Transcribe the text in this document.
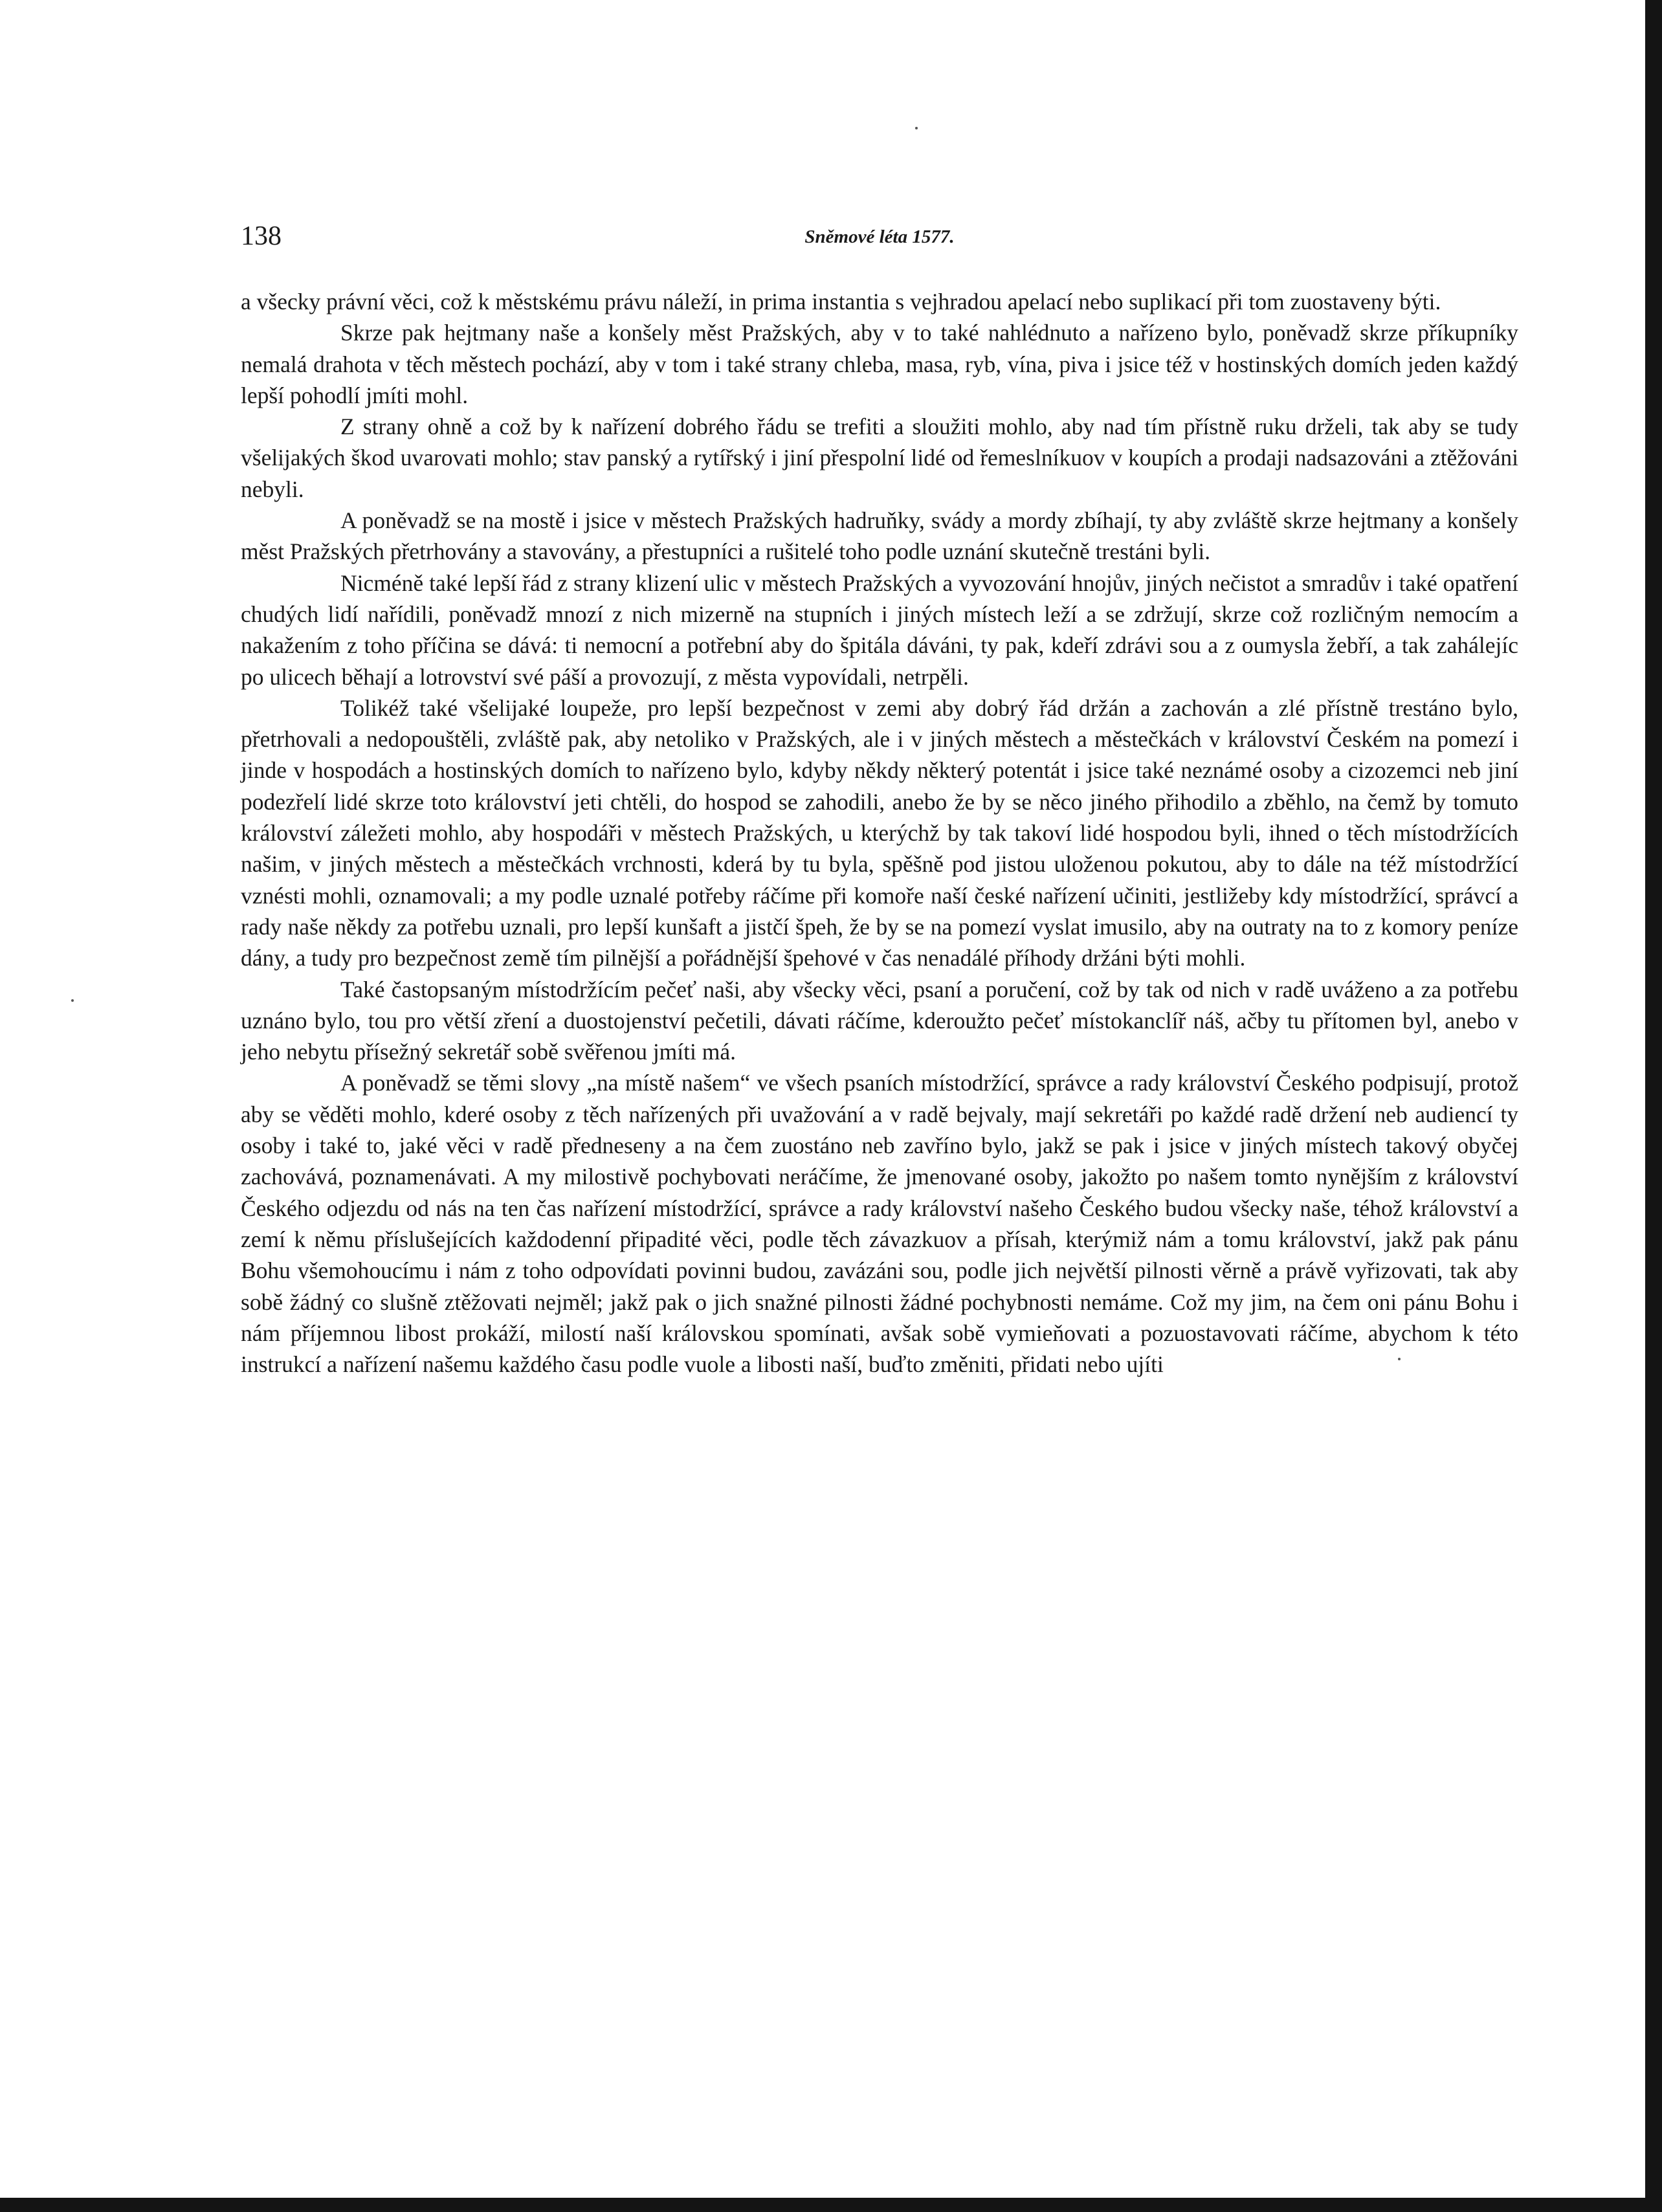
138	Sněmové léta 1577.

a všecky právní věci, což k městskému právu náleží, in prima instantia s vejhradou apelací nebo suplikací při tom zuostaveny býti.

Skrze pak hejtmany naše a konšely měst Pražských, aby v to také nahlédnuto a nařízeno bylo, poněvadž skrze příkupníky nemalá drahota v těch městech pochází, aby v tom i také strany chleba, masa, ryb, vína, piva i jsice též v hostinských domích jeden každý lepší pohodlí jmíti mohl.

Z strany ohně a což by k nařízení dobrého řádu se trefiti a sloužiti mohlo, aby nad tím přístně ruku drželi, tak aby se tudy všelijakých škod uvarovati mohlo; stav panský a rytířský i jiní přespolní lidé od řemeslníkuov v koupích a prodaji nadsazováni a ztěžováni nebyli.

A poněvadž se na mostě i jsice v městech Pražských hadruňky, svády a mordy zbíhají, ty aby zvláště skrze hejtmany a konšely měst Pražských přetrhovány a stavovány, a přestupníci a rušitelé toho podle uznání skutečně trestáni byli.

Nicméně také lepší řád z strany klizení ulic v městech Pražských a vyvozování hnojův, jiných nečistot a smradův i také opatření chudých lidí nařídili, poněvadž mnozí z nich mizerně na stupních i jiných místech leží a se zdržují, skrze což rozličným nemocím a nakažením z toho příčina se dává: ti nemocní a potřební aby do špitála dáváni, ty pak, kdeří zdrávi sou a z oumysla žebří, a tak zahálejíc po ulicech běhají a lotrovství své páší a provozují, z města vypovídali, netrpěli.

Tolikéž také všelijaké loupeže, pro lepší bezpečnost v zemi aby dobrý řád držán a zachován a zlé přístně trestáno bylo, přetrhovali a nedopouštěli, zvláště pak, aby netoliko v Pražských, ale i v jiných městech a městečkách v království Českém na pomezí i jinde v hospodách a hostinských domích to nařízeno bylo, kdyby někdy některý potentát i jsice také neznámé osoby a cizozemci neb jiní podezřelí lidé skrze toto království jeti chtěli, do hospod se zahodili, anebo že by se něco jiného přihodilo a zběhlo, na čemž by tomuto království záležeti mohlo, aby hospodáři v městech Pražských, u kterýchž by tak takoví lidé hospodou byli, ihned o těch místodržících našim, v jiných městech a městečkách vrchnosti, kderá by tu byla, spěšně pod jistou uloženou pokutou, aby to dále na též místodržící vznésti mohli, oznamovali; a my podle uznalé potřeby ráčíme při komoře naší české nařízení učiniti, jestližeby kdy místodržící, správcí a rady naše někdy za potřebu uznali, pro lepší kunšaft a jistčí špeh, že by se na pomezí vyslat imusilo, aby na outraty na to z komory peníze dány, a tudy pro bezpečnost země tím pilnější a pořádnější špehové v čas nenadálé příhody držáni býti mohli.

Také častopsaným místodržícím pečeť naši, aby všecky věci, psaní a poručení, což by tak od nich v radě uváženo a za potřebu uznáno bylo, tou pro větší zření a duostojenství pečetili, dávati ráčíme, kderoužto pečeť místokanclíř náš, ačby tu přítomen byl, anebo v jeho nebytu přísežný sekretář sobě svěřenou jmíti má.

A poněvadž se těmi slovy „na místě našem“ ve všech psaních místodržící, správce a rady království Českého podpisují, protož aby se věděti mohlo, kderé osoby z těch nařízených při uvažování a v radě bejvaly, mají sekretáři po každé radě držení neb audiencí ty osoby i také to, jaké věci v radě předneseny a na čem zuostáno neb zavříno bylo, jakž se pak i jsice v jiných místech takový obyčej zachovává, poznamenávati. A my milostivě pochybovati neráčíme, že jmenované osoby, jakožto po našem tomto nynějším z království Českého odjezdu od nás na ten čas nařízení místodržící, správce a rady království našeho Českého budou všecky naše, téhož království a zemí k němu příslušejících každodenní připadité věci, podle těch závazkuov a přísah, kterýmiž nám a tomu království, jakž pak pánu Bohu všemohoucímu i nám z toho odpovídati povinni budou, zavázáni sou, podle jich největší pilnosti věrně a právě vyřizovati, tak aby sobě žádný co slušně ztěžovati nejměl; jakž pak o jich snažné pilnosti žádné pochybnosti nemáme. Což my jim, na čem oni pánu Bohu i nám příjemnou libost prokáží, milostí naší královskou spomínati, avšak sobě vymieňovati a pozuostavovati ráčíme, abychom k této instrukcí a nařízení našemu každého času podle vuole a libosti naší, buďto změniti, přidati nebo ujíti
